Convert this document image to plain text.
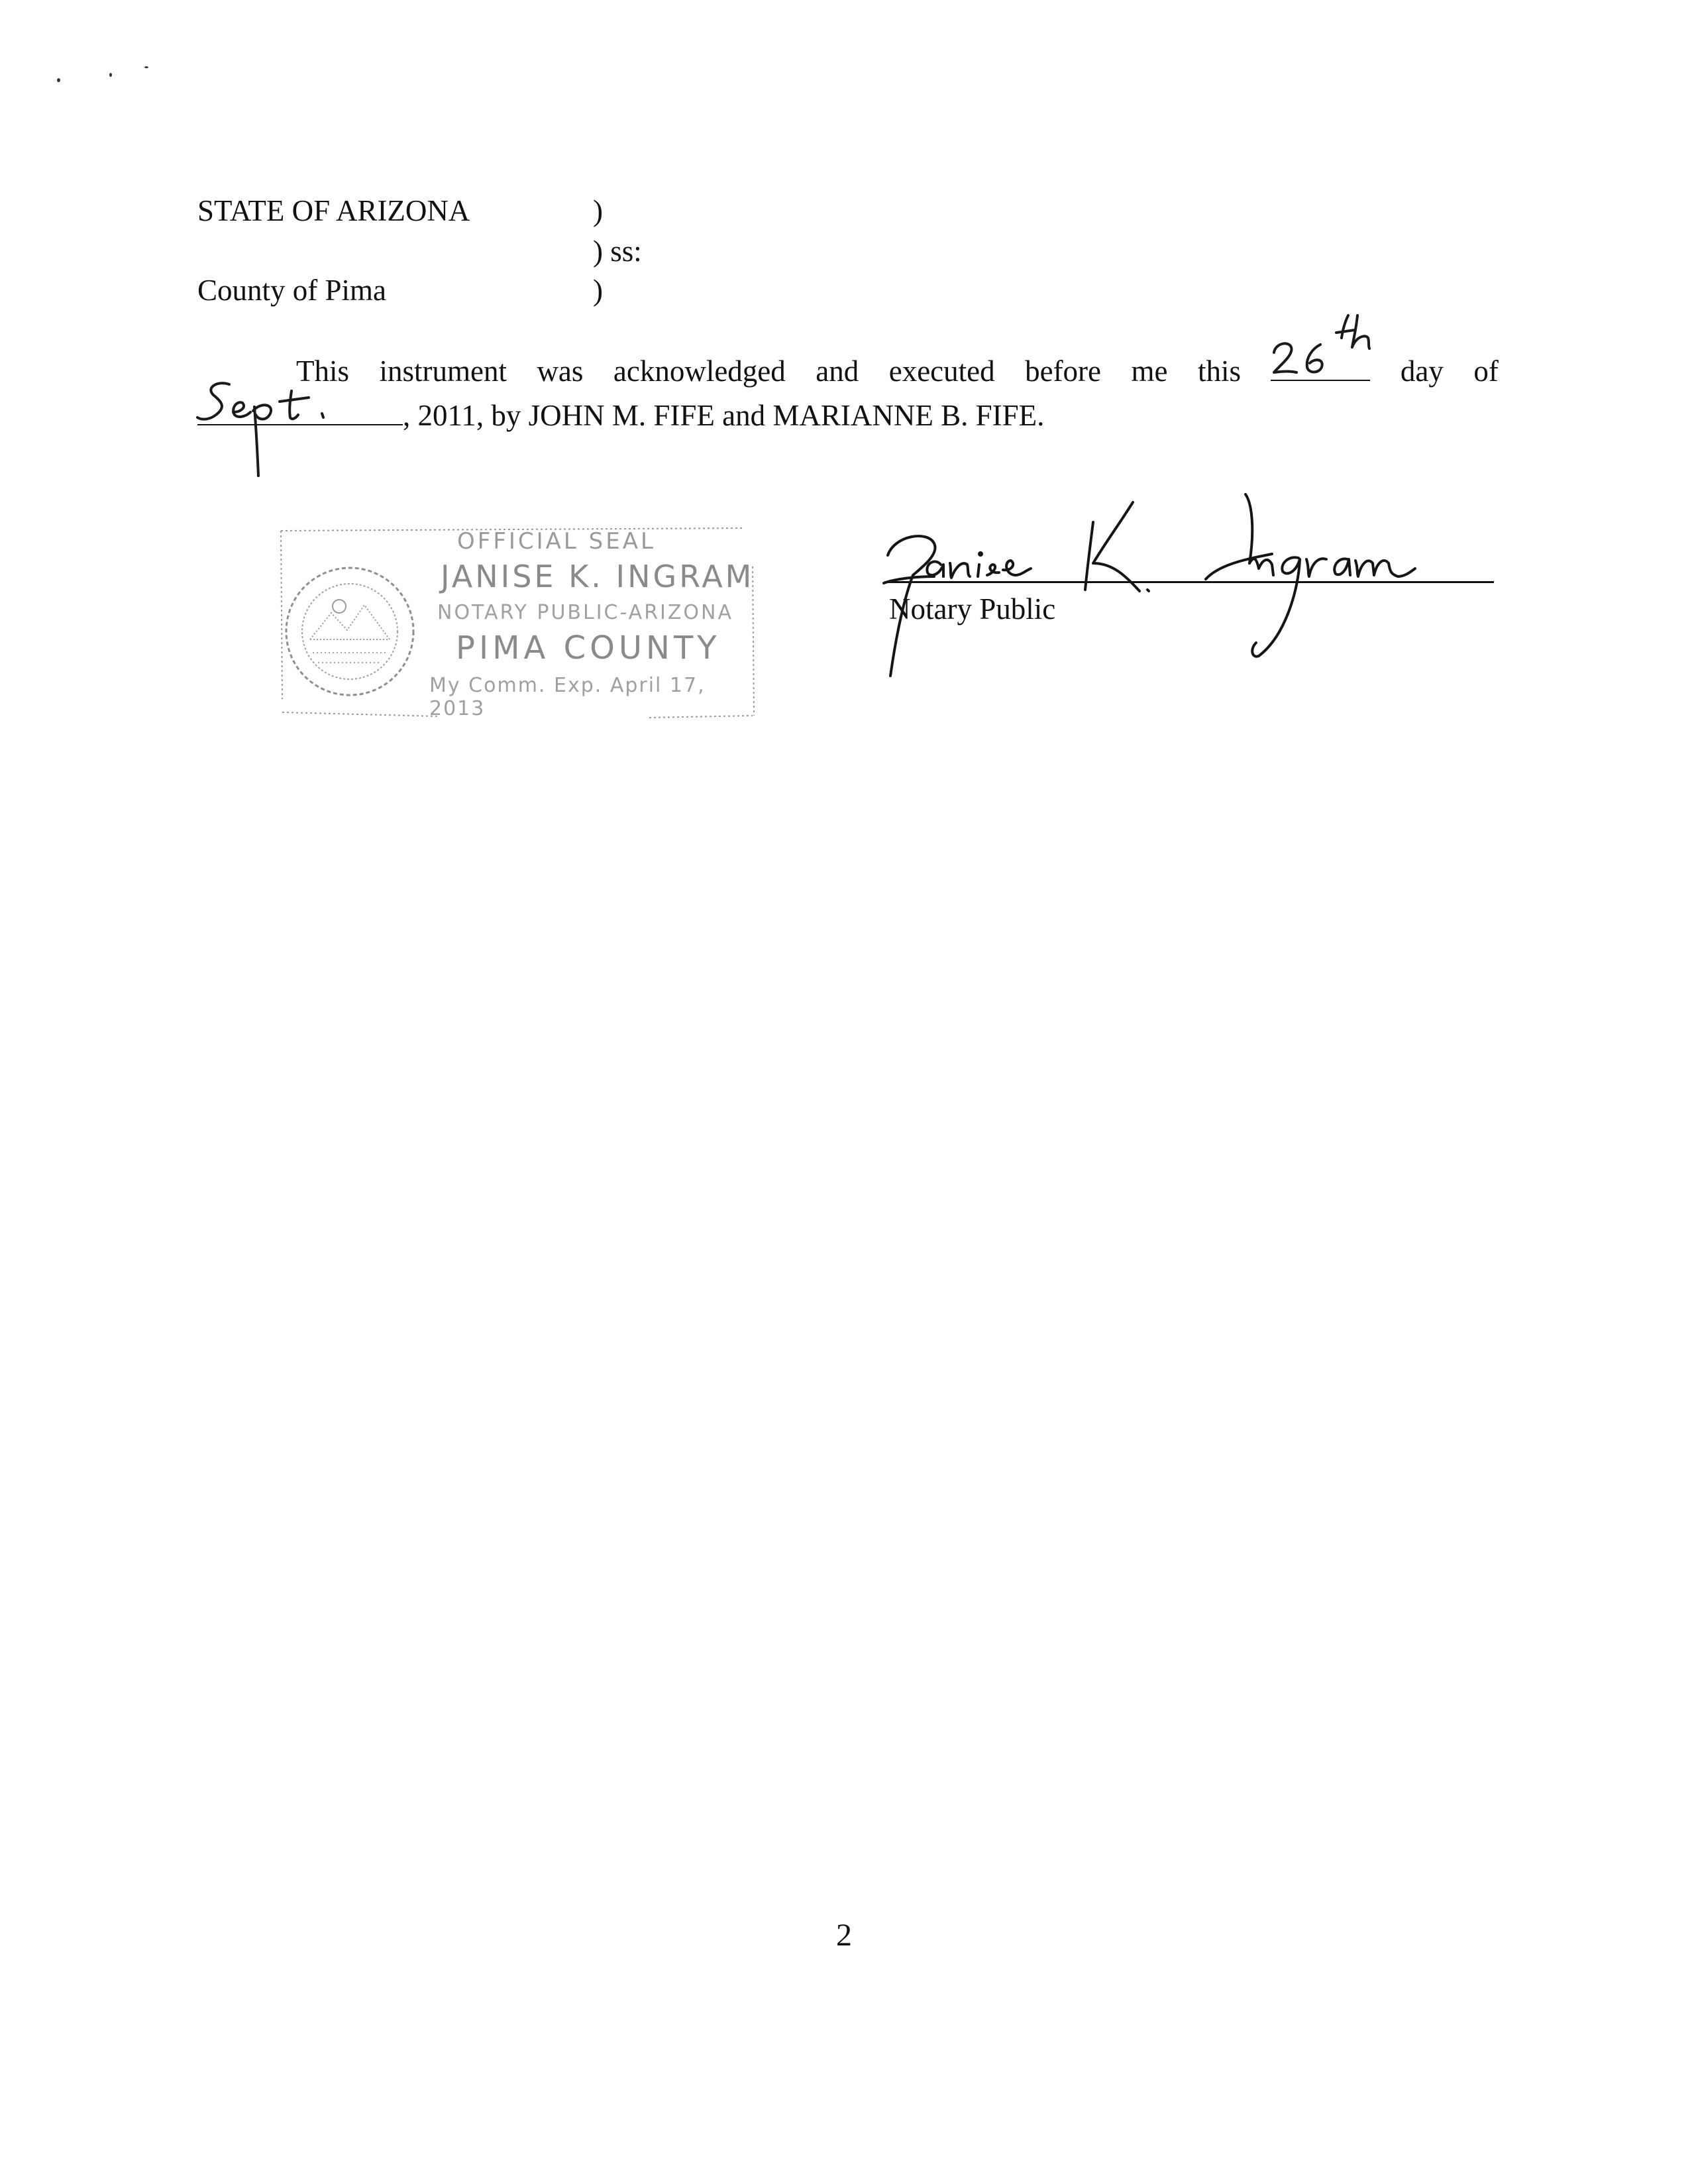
STATE OF ARIZONA	)
) ss:
County of Pima	)
This instrument was acknowledged and executed before me this	day of
, 2011, by JOHN M. FIFE and MARIANNE B. FIFE.
OFFICIAL SEAL
JANISE K. INGRAM
NOTARY PUBLIC-ARIZONA
PIMA COUNTY
My Comm. Exp. April 17, 2013
Notary Public
2
